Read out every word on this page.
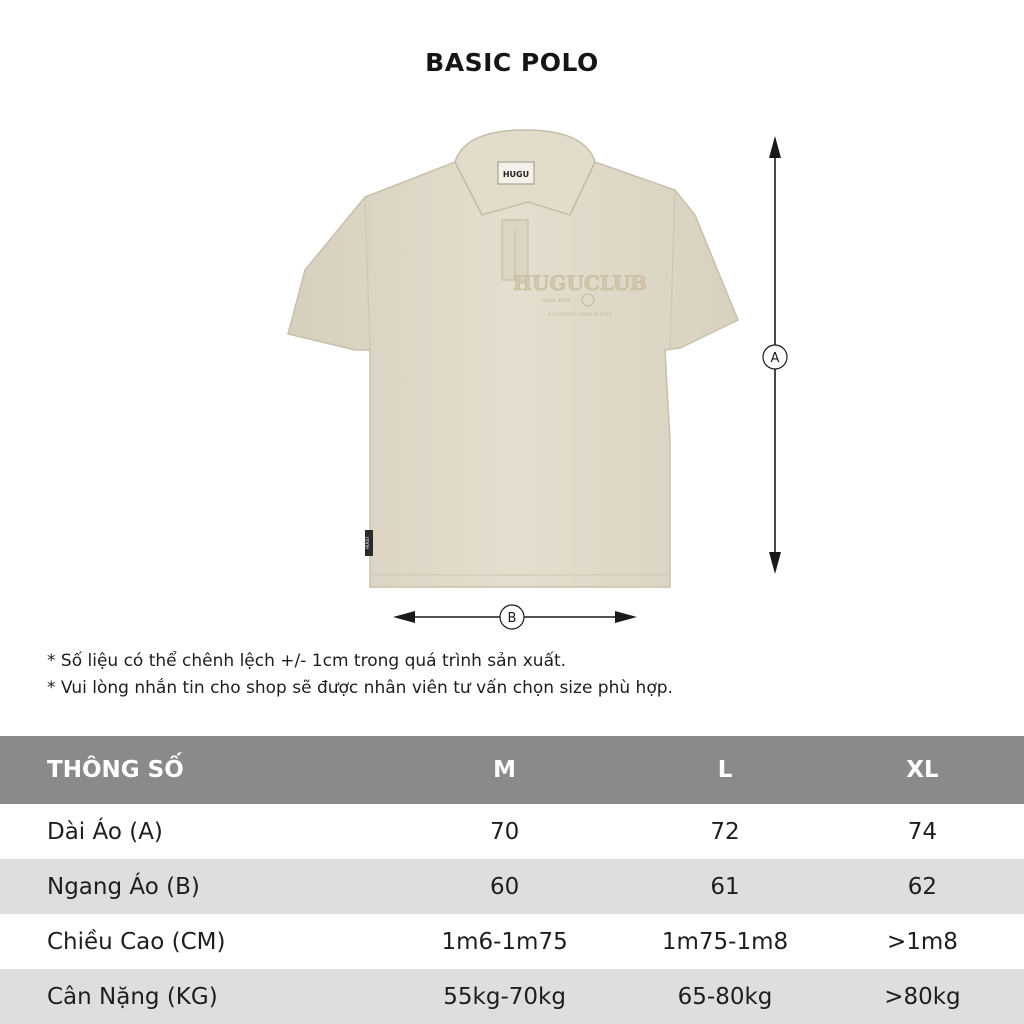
BASIC POLO
HUGU
HUGUCLUB
Since 2018
A COLLECTIVE VISION OF STYLE
HUGU
A
B
* Số liệu có thể chênh lệch +/- 1cm trong quá trình sản xuất.
* Vui lòng nhắn tin cho shop sẽ được nhân viên tư vấn chọn size phù hợp.
THÔNG SỐ	M	L	XL
Dài Áo (A)	70	72	74
Ngang Áo (B)	60	61	62
Chiều Cao (CM)	1m6-1m75	1m75-1m8	>1m8
Cân Nặng (KG)	55kg-70kg	65-80kg	>80kg
